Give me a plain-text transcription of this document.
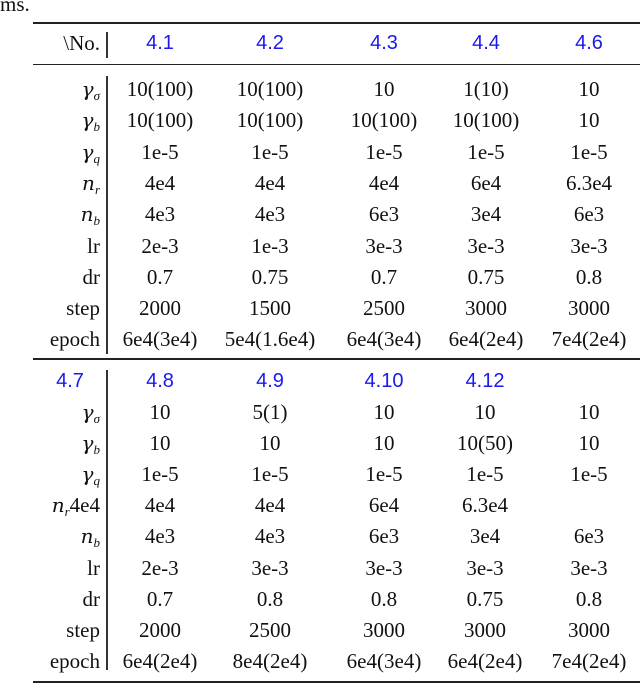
ms.
\No. 4.1	4.2	4.3	4.4	4.6
$\gamma_\sigma$ 10(100) 10(100)	10	1(10)	10
$\gamma_b$ 10(100) 10(100) 10(100) 10(100)	10
$\gamma_q$ 1e-5	1e-5	1e-5	1e-5	1e-5
$n_r$ 4e4	4e4	4e4	6e4	6.3e4
$n_b$ 4e3	4e3	6e3	3e4	6e3
lr 2e-3	1e-3	3e-3	3e-3	3e-3
dr 0.7	0.75	0.7	0.75	0.8
step 2000	1500	2500	3000	3000
epoch 6e4(3e4) 5e4(1.6e4) 6e4(3e4) 6e4(2e4) 7e4(2e4)
4.7	4.8	4.9	4.10	4.12
$\gamma_\sigma$ 10	5(1)	10	10	10
$\gamma_b$ 10	10	10	10(50)	10
$\gamma_q$ 1e-5	1e-5	1e-5	1e-5	1e-5
$n_r4e4$ 4e4	4e4	6e4	6.3e4
$n_b$ 4e3	4e3	6e3	3e4	6e3
lr 2e-3	3e-3	3e-3	3e-3	3e-3
dr 0.7	0.8	0.8	0.75	0.8
step 2000	2500	3000	3000	3000
epoch 6e4(2e4) 8e4(2e4) 6e4(3e4) 6e4(2e4) 7e4(2e4)
